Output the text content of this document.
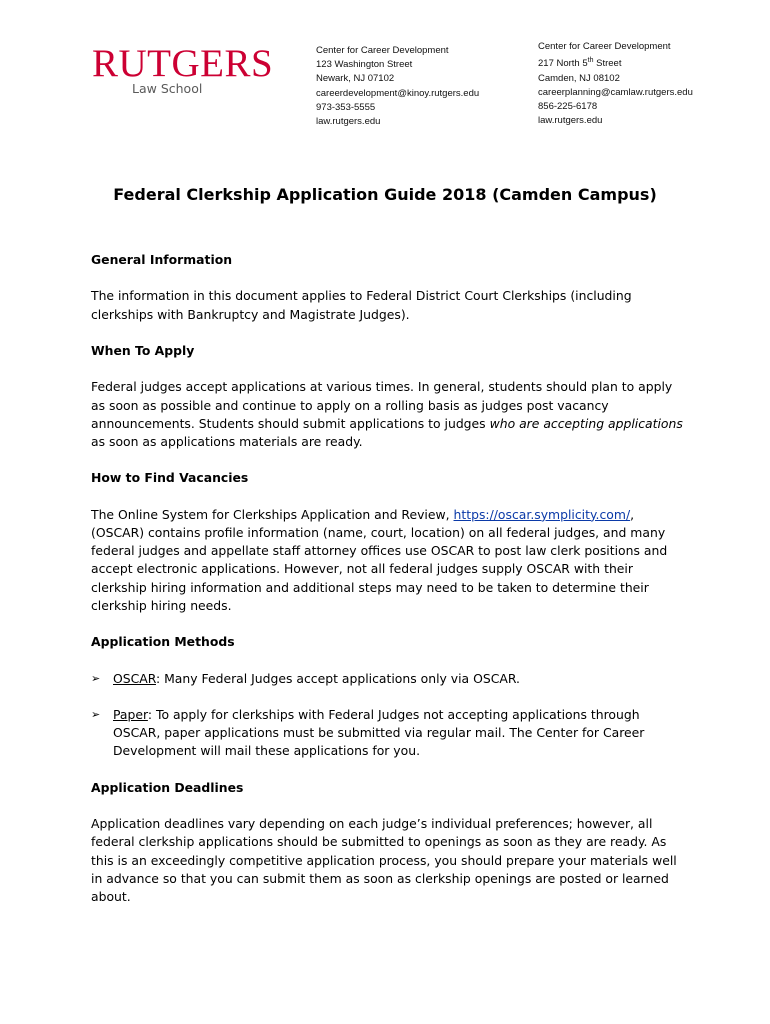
RUTGERS
Law School
Center for Career Development
123 Washington Street
Newark, NJ 07102
careerdevelopment@kinoy.rutgers.edu
973-353-5555
law.rutgers.edu
Center for Career Development
217 North 5th Street
Camden, NJ 08102
careerplanning@camlaw.rutgers.edu
856-225-6178
law.rutgers.edu
Federal Clerkship Application Guide 2018 (Camden Campus)
General Information

The information in this document applies to Federal District Court Clerkships (including clerkships with Bankruptcy and Magistrate Judges).

When To Apply

Federal judges accept applications at various times. In general, students should plan to apply as soon as possible and continue to apply on a rolling basis as judges post vacancy announcements. Students should submit applications to judges who are accepting applications as soon as applications materials are ready.

How to Find Vacancies

The Online System for Clerkships Application and Review, https://oscar.symplicity.com/, (OSCAR) contains profile information (name, court, location) on all federal judges, and many federal judges and appellate staff attorney offices use OSCAR to post law clerk positions and accept electronic applications. However, not all federal judges supply OSCAR with their clerkship hiring information and additional steps may need to be taken to determine their clerkship hiring needs.

Application Methods
➢ OSCAR: Many Federal Judges accept applications only via OSCAR.
➢ Paper: To apply for clerkships with Federal Judges not accepting applications through OSCAR, paper applications must be submitted via regular mail. The Center for Career Development will mail these applications for you.
Application Deadlines

Application deadlines vary depending on each judge’s individual preferences; however, all federal clerkship applications should be submitted to openings as soon as they are ready. As this is an exceedingly competitive application process, you should prepare your materials well in advance so that you can submit them as soon as clerkship openings are posted or learned about.
